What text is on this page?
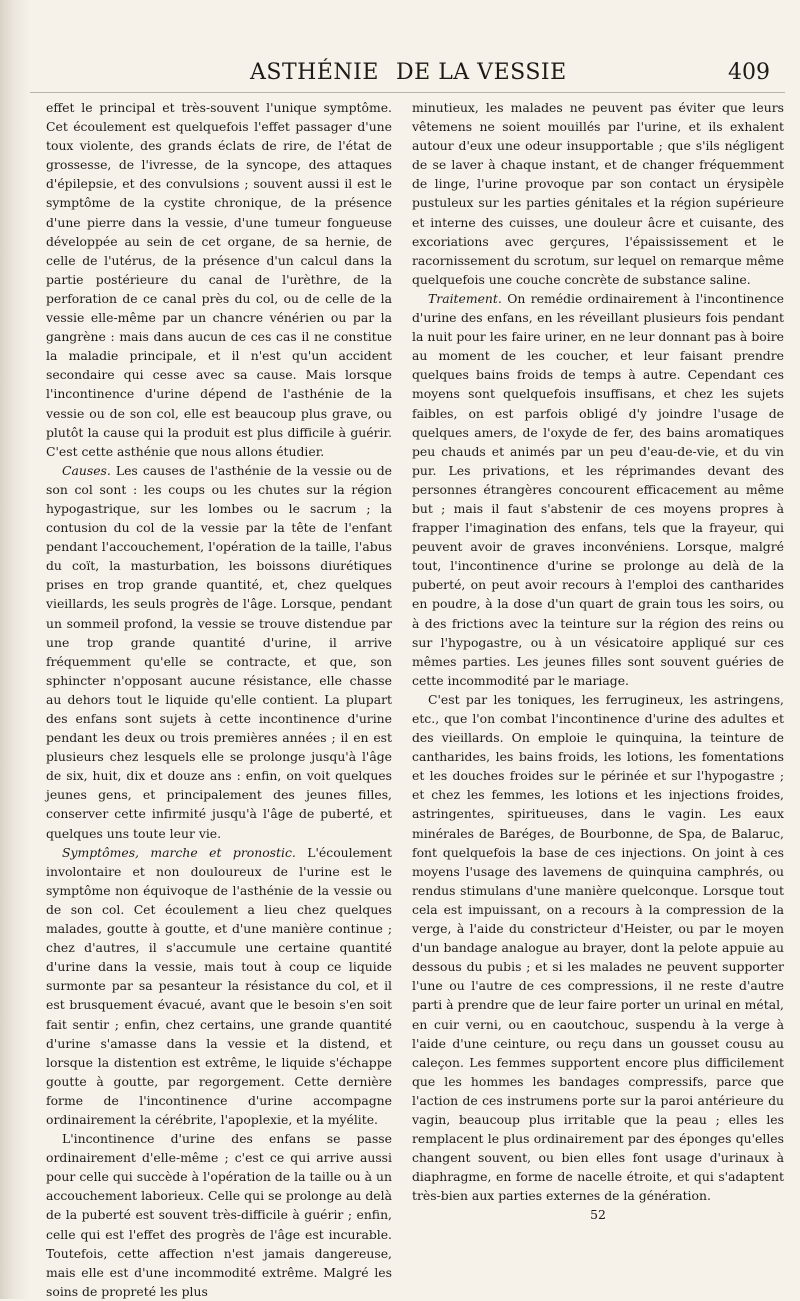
ASTHÉNIE DE LA VESSIE	409

effet le principal et très-souvent l'unique symptôme. Cet écoulement est quelquefois l'effet passager d'une toux violente, des grands éclats de rire, de l'état de grossesse, de l'ivresse, de la syncope, des attaques d'épilepsie, et des convulsions ; souvent aussi il est le symptôme de la cystite chronique, de la présence d'une pierre dans la vessie, d'une tumeur fongueuse développée au sein de cet organe, de sa hernie, de celle de l'utérus, de la présence d'un calcul dans la partie postérieure du canal de l'urèthre, de la perforation de ce canal près du col, ou de celle de la vessie elle-même par un chancre vénérien ou par la gangrène : mais dans aucun de ces cas il ne constitue la maladie principale, et il n'est qu'un accident secondaire qui cesse avec sa cause. Mais lorsque l'incontinence d'urine dépend de l'asthénie de la vessie ou de son col, elle est beaucoup plus grave, ou plutôt la cause qui la produit est plus difficile à guérir. C'est cette asthénie que nous allons étudier.

Causes. Les causes de l'asthénie de la vessie ou de son col sont : les coups ou les chutes sur la région hypogastrique, sur les lombes ou le sacrum ; la contusion du col de la vessie par la tête de l'enfant pendant l'accouchement, l'opération de la taille, l'abus du coït, la masturbation, les boissons diurétiques prises en trop grande quantité, et, chez quelques vieillards, les seuls progrès de l'âge. Lorsque, pendant un sommeil profond, la vessie se trouve distendue par une trop grande quantité d'urine, il arrive fréquemment qu'elle se contracte, et que, son sphincter n'opposant aucune résistance, elle chasse au dehors tout le liquide qu'elle contient. La plupart des enfans sont sujets à cette incontinence d'urine pendant les deux ou trois premières années ; il en est plusieurs chez lesquels elle se prolonge jusqu'à l'âge de six, huit, dix et douze ans : enfin, on voit quelques jeunes gens, et principalement des jeunes filles, conserver cette infirmité jusqu'à l'âge de puberté, et quelques uns toute leur vie.

Symptômes, marche et pronostic. L'écoulement involontaire et non douloureux de l'urine est le symptôme non équivoque de l'asthénie de la vessie ou de son col. Cet écoulement a lieu chez quelques malades, goutte à goutte, et d'une manière continue ; chez d'autres, il s'accumule une certaine quantité d'urine dans la vessie, mais tout à coup ce liquide surmonte par sa pesanteur la résistance du col, et il est brusquement évacué, avant que le besoin s'en soit fait sentir ; enfin, chez certains, une grande quantité d'urine s'amasse dans la vessie et la distend, et lorsque la distention est extrême, le liquide s'échappe goutte à goutte, par regorgement. Cette dernière forme de l'incontinence d'urine accompagne ordinairement la cérébrite, l'apoplexie, et la myélite.

L'incontinence d'urine des enfans se passe ordinairement d'elle-même ; c'est ce qui arrive aussi pour celle qui succède à l'opération de la taille ou à un accouchement laborieux. Celle qui se prolonge au delà de la puberté est souvent très-difficile à guérir ; enfin, celle qui est l'effet des progrès de l'âge est incurable. Toutefois, cette affection n'est jamais dangereuse, mais elle est d'une incommodité extrême. Malgré les soins de propreté les plus

minutieux, les malades ne peuvent pas éviter que leurs vêtemens ne soient mouillés par l'urine, et ils exhalent autour d'eux une odeur insupportable ; que s'ils négligent de se laver à chaque instant, et de changer fréquemment de linge, l'urine provoque par son contact un érysipèle pustuleux sur les parties génitales et la région supérieure et interne des cuisses, une douleur âcre et cuisante, des excoriations avec gerçures, l'épaississement et le racornissement du scrotum, sur lequel on remarque même quelquefois une couche concrète de substance saline.

Traitement. On remédie ordinairement à l'incontinence d'urine des enfans, en les réveillant plusieurs fois pendant la nuit pour les faire uriner, en ne leur donnant pas à boire au moment de les coucher, et leur faisant prendre quelques bains froids de temps à autre. Cependant ces moyens sont quelquefois insuffisans, et chez les sujets faibles, on est parfois obligé d'y joindre l'usage de quelques amers, de l'oxyde de fer, des bains aromatiques peu chauds et animés par un peu d'eau-de-vie, et du vin pur. Les privations, et les réprimandes devant des personnes étrangères concourent efficacement au même but ; mais il faut s'abstenir de ces moyens propres à frapper l'imagination des enfans, tels que la frayeur, qui peuvent avoir de graves inconvéniens. Lorsque, malgré tout, l'incontinence d'urine se prolonge au delà de la puberté, on peut avoir recours à l'emploi des cantharides en poudre, à la dose d'un quart de grain tous les soirs, ou à des frictions avec la teinture sur la région des reins ou sur l'hypogastre, ou à un vésicatoire appliqué sur ces mêmes parties. Les jeunes filles sont souvent guéries de cette incommodité par le mariage.

C'est par les toniques, les ferrugineux, les astringens, etc., que l'on combat l'incontinence d'urine des adultes et des vieillards. On emploie le quinquina, la teinture de cantharides, les bains froids, les lotions, les fomentations et les douches froides sur le périnée et sur l'hypogastre ; et chez les femmes, les lotions et les injections froides, astringentes, spiritueuses, dans le vagin. Les eaux minérales de Baréges, de Bourbonne, de Spa, de Balaruc, font quelquefois la base de ces injections. On joint à ces moyens l'usage des lavemens de quinquina camphrés, ou rendus stimulans d'une manière quelconque. Lorsque tout cela est impuissant, on a recours à la compression de la verge, à l'aide du constricteur d'Heister, ou par le moyen d'un bandage analogue au brayer, dont la pelote appuie au dessous du pubis ; et si les malades ne peuvent supporter l'une ou l'autre de ces compressions, il ne reste d'autre parti à prendre que de leur faire porter un urinal en métal, en cuir verni, ou en caoutchouc, suspendu à la verge à l'aide d'une ceinture, ou reçu dans un gousset cousu au caleçon. Les femmes supportent encore plus difficilement que les hommes les bandages compressifs, parce que l'action de ces instrumens porte sur la paroi antérieure du vagin, beaucoup plus irritable que la peau ; elles les remplacent le plus ordinairement par des éponges qu'elles changent souvent, ou bien elles font usage d'urinaux à diaphragme, en forme de nacelle étroite, et qui s'adaptent très-bien aux parties externes de la génération.

52
